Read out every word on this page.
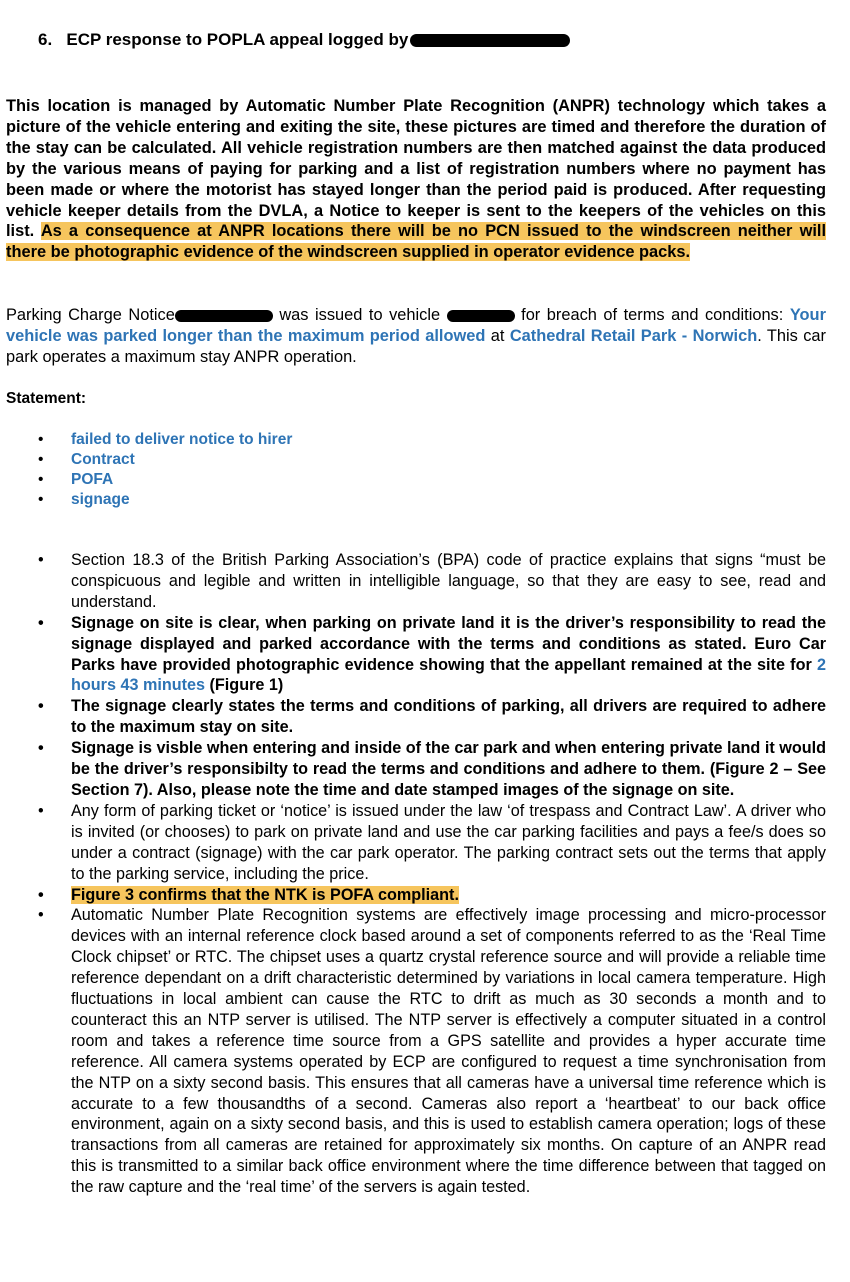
6. ECP response to POPLA appeal logged by
This location is managed by Automatic Number Plate Recognition (ANPR) technology which takes a picture of the vehicle entering and exiting the site, these pictures are timed and therefore the duration of the stay can be calculated. All vehicle registration numbers are then matched against the data produced by the various means of paying for parking and a list of registration numbers where no payment has been made or where the motorist has stayed longer than the period paid is produced. After requesting vehicle keeper details from the DVLA, a Notice to keeper is sent to the keepers of the vehicles on this list. As a consequence at ANPR locations there will be no PCN issued to the windscreen neither will there be photographic evidence of the windscreen supplied in operator evidence packs.
Parking Charge Notice	was issued to vehicle	for breach of terms and conditions: Your vehicle was parked longer than the maximum period allowed at Cathedral Retail Park - Norwich. This car park operates a maximum stay ANPR operation.
Statement:
• failed to deliver notice to hirer
• Contract
• POFA
• signage
• Section 18.3 of the British Parking Association’s (BPA) code of practice explains that signs “must be conspicuous and legible and written in intelligible language, so that they are easy to see, read and understand.
• Signage on site is clear, when parking on private land it is the driver’s responsibility to read the signage displayed and parked accordance with the terms and conditions as stated. Euro Car Parks have provided photographic evidence showing that the appellant remained at the site for 2 hours 43 minutes (Figure 1)
• The signage clearly states the terms and conditions of parking, all drivers are required to adhere to the maximum stay on site.
• Signage is visble when entering and inside of the car park and when entering private land it would be the driver’s responsibilty to read the terms and conditions and adhere to them. (Figure 2 – See Section 7). Also, please note the time and date stamped images of the signage on site.
• Any form of parking ticket or ‘notice’ is issued under the law ‘of trespass and Contract Law’. A driver who is invited (or chooses) to park on private land and use the car parking facilities and pays a fee/s does so under a contract (signage) with the car park operator. The parking contract sets out the terms that apply to the parking service, including the price.
• Figure 3 confirms that the NTK is POFA compliant.
• Automatic Number Plate Recognition systems are effectively image processing and micro-processor devices with an internal reference clock based around a set of components referred to as the ‘Real Time Clock chipset’ or RTC. The chipset uses a quartz crystal reference source and will provide a reliable time reference dependant on a drift characteristic determined by variations in local camera temperature. High fluctuations in local ambient can cause the RTC to drift as much as 30 seconds a month and to counteract this an NTP server is utilised. The NTP server is effectively a computer situated in a control room and takes a reference time source from a GPS satellite and provides a hyper accurate time reference. All camera systems operated by ECP are configured to request a time synchronisation from the NTP on a sixty second basis. This ensures that all cameras have a universal time reference which is accurate to a few thousandths of a second. Cameras also report a ‘heartbeat’ to our back office environment, again on a sixty second basis, and this is used to establish camera operation; logs of these transactions from all cameras are retained for approximately six months. On capture of an ANPR read this is transmitted to a similar back office environment where the time difference between that tagged on the raw capture and the ‘real time’ of the servers is again tested.
